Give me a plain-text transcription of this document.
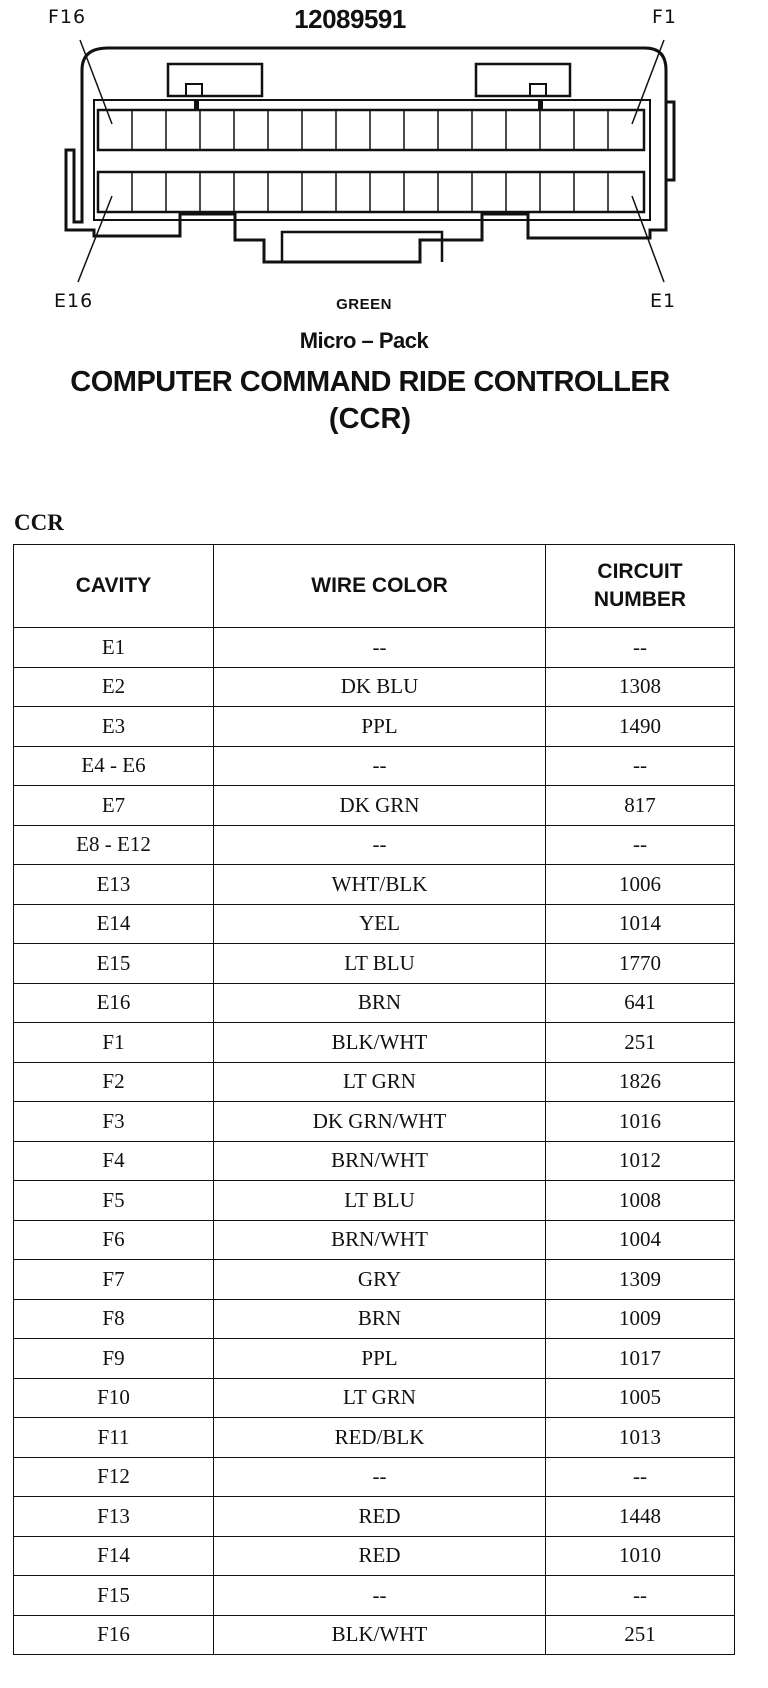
12089591
F16	F1
E16	E1
GREEN
Micro – Pack
COMPUTER COMMAND RIDE CONTROLLER
(CCR)
CCR
CAVITY	WIRE COLOR	CIRCUIT
NUMBER
E1	--	--
E2	DK BLU	1308
E3	PPL	1490
E4 - E6	--	--
E7	DK GRN	817
E8 - E12	--	--
E13	WHT/BLK	1006
E14	YEL	1014
E15	LT BLU	1770
E16	BRN	641
F1	BLK/WHT	251
F2	LT GRN	1826
F3	DK GRN/WHT	1016
F4	BRN/WHT	1012
F5	LT BLU	1008
F6	BRN/WHT	1004
F7	GRY	1309
F8	BRN	1009
F9	PPL	1017
F10	LT GRN	1005
F11	RED/BLK	1013
F12	--	--
F13	RED	1448
F14	RED	1010
F15	--	--
F16	BLK/WHT	251
